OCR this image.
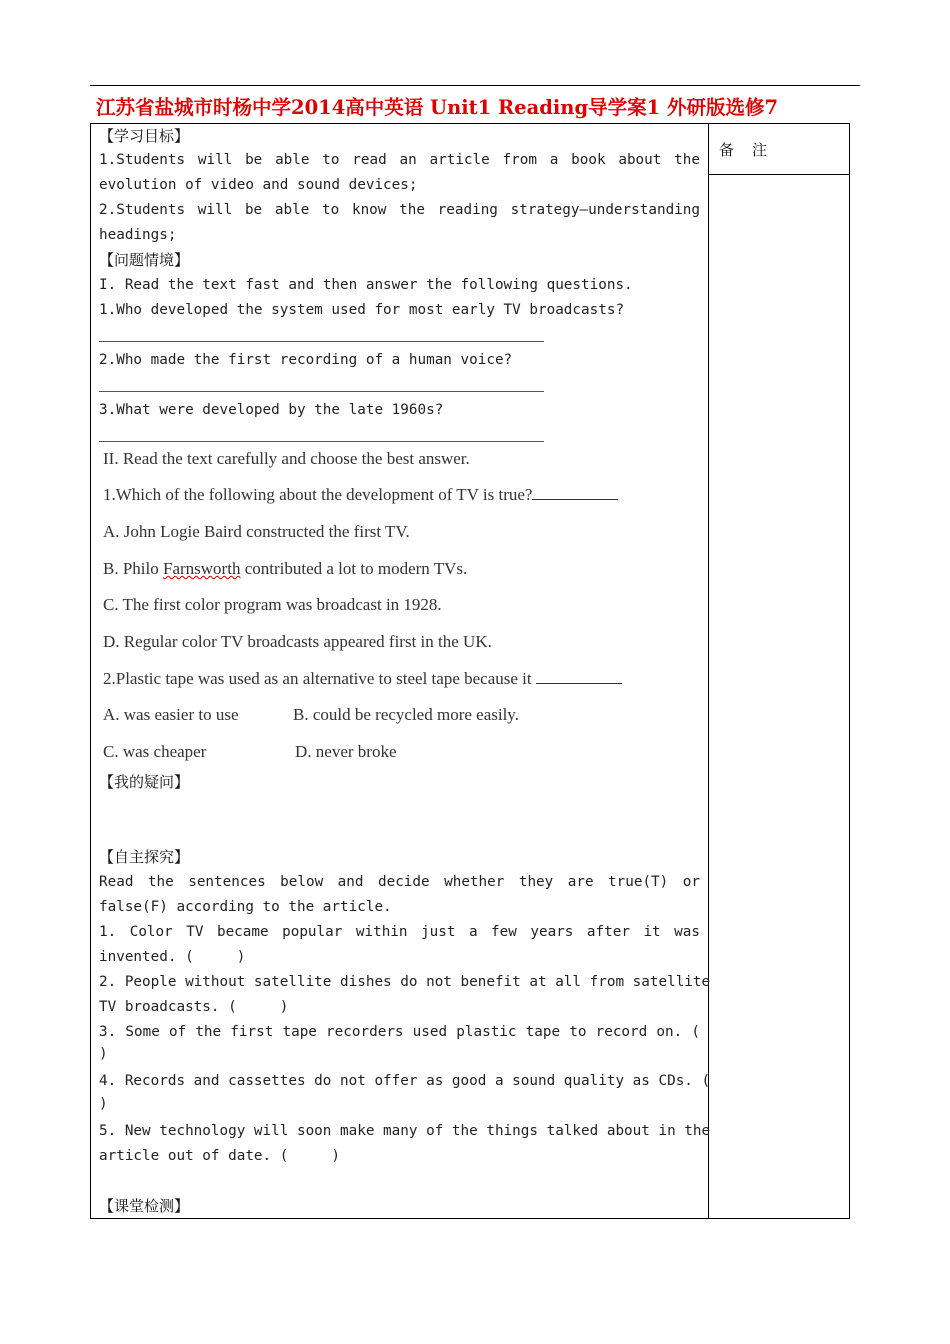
江苏省盐城市时杨中学2014高中英语 Unit1 Reading导学案1 外研版选修7
备注
【学习目标】
1.Students will be able to read an article from a book about the
evolution of video and sound devices;
2.Students will be able to know the reading strategy—understanding
headings;
【问题情境】
I. Read the text fast and then answer the following questions.
1.Who developed the system used for most early TV broadcasts?
2.Who made the first recording of a human voice?
3.What were developed by the late 1960s?
II. Read the text carefully and choose the best answer.
1.Which of the following about the development of TV is true?
A. John Logie Baird constructed the first TV.
B. Philo Farnsworth contributed a lot to modern TVs.
C. The first color program was broadcast in 1928.
D. Regular color TV broadcasts appeared first in the UK.
2.Plastic tape was used as an alternative to steel tape because it
A. was easier to use	B. could be recycled more easily.
C. was cheaper	D. never broke
【我的疑问】
【自主探究】
Read the sentences below and decide whether they are true(T) or
false(F) according to the article.
1. Color TV became popular within just a few years after it was
invented. (     )
2. People without satellite dishes do not benefit at all from satellite
TV broadcasts. (     )
3. Some of the first tape recorders used plastic tape to record on. (
)
4. Records and cassettes do not offer as good a sound quality as CDs. (
)
5. New technology will soon make many of the things talked about in the
article out of date. (     )
【课堂检测】
